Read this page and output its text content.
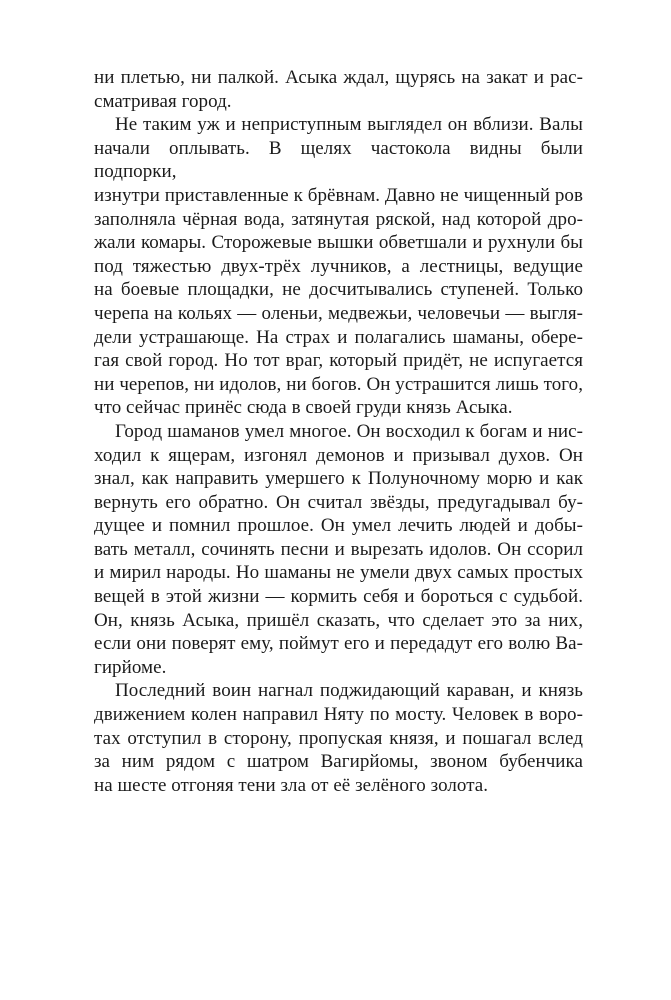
ни плетью, ни палкой. Асыка ждал, щурясь на закат и рас-
сматривая город.
Не таким уж и неприступным выглядел он вблизи. Валы
начали оплывать. В щелях частокола видны были подпорки,
изнутри приставленные к брёвнам. Давно не чищенный ров
заполняла чёрная вода, затянутая ряской, над которой дро-
жали комары. Сторожевые вышки обветшали и рухнули бы
под тяжестью двух-трёх лучников, а лестницы, ведущие
на боевые площадки, не досчитывались ступеней. Только
черепа на кольях — оленьи, медвежьи, человечьи — выгля-
дели устрашающе. На страх и полагались шаманы, обере-
гая свой город. Но тот враг, который придёт, не испугается
ни черепов, ни идолов, ни богов. Он устрашится лишь того,
что сейчас принёс сюда в своей груди князь Асыка.
Город шаманов умел многое. Он восходил к богам и нис-
ходил к ящерам, изгонял демонов и призывал духов. Он
знал, как направить умершего к Полуночному морю и как
вернуть его обратно. Он считал звёзды, предугадывал бу-
дущее и помнил прошлое. Он умел лечить людей и добы-
вать металл, сочинять песни и вырезать идолов. Он ссорил
и мирил народы. Но шаманы не умели двух самых простых
вещей в этой жизни — кормить себя и бороться с судьбой.
Он, князь Асыка, пришёл сказать, что сделает это за них,
если они поверят ему, поймут его и передадут его волю Ва-
гирйоме.
Последний воин нагнал поджидающий караван, и князь
движением колен направил Няту по мосту. Человек в воро-
тах отступил в сторону, пропуская князя, и пошагал вслед
за ним рядом с шатром Вагирйомы, звоном бубенчика
на шесте отгоняя тени зла от её зелёного золота.
